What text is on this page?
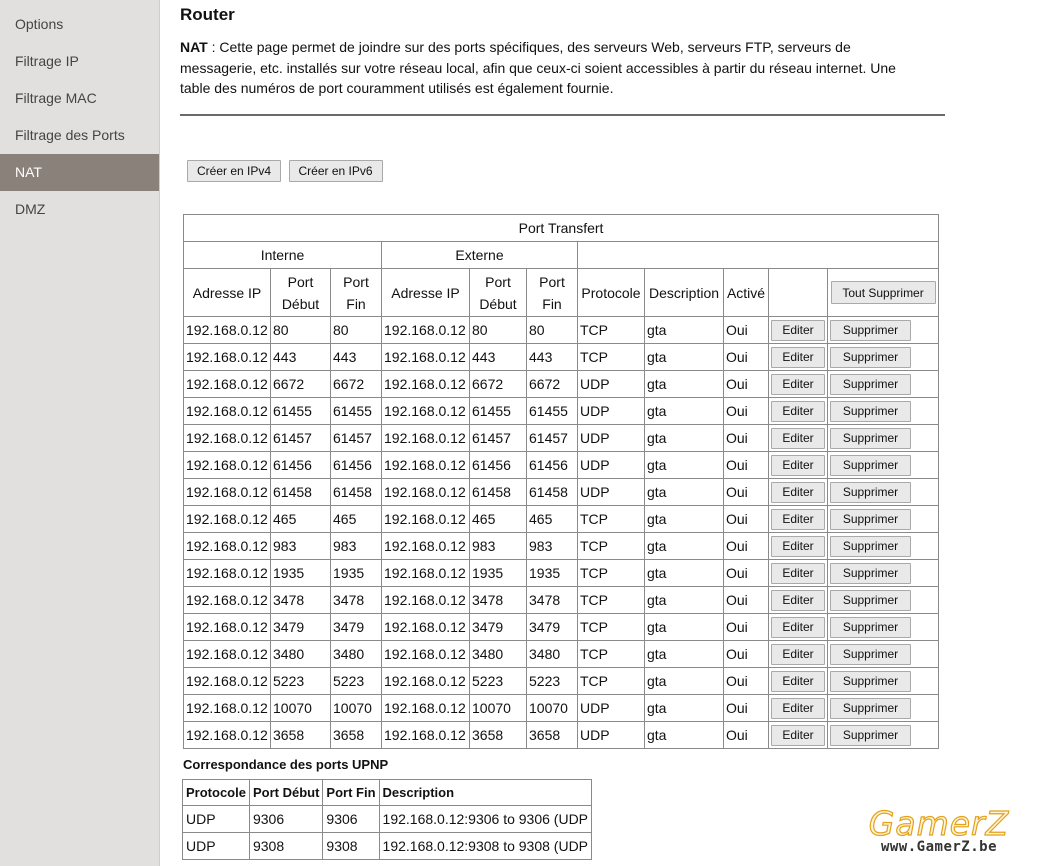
Options
Filtrage IP
Filtrage MAC
Filtrage des Ports
NAT
DMZ
Router
NAT : Cette page permet de joindre sur des ports spécifiques, des serveurs Web, serveurs FTP, serveurs de messagerie, etc. installés sur votre réseau local, afin que ceux-ci soient accessibles à partir du réseau internet. Une table des numéros de port couramment utilisés est également fournie.
Créer en IPv4 Créer en IPv6
Port Transfert										
Interne			Externe							
Adresse IP	Port Début	Port Fin	Adresse IP	Port Début	Port Fin	Protocole	Description	Activé		Tout Supprimer
192.168.0.12	80	80	192.168.0.12	80	80	TCP	gta	Oui	Editer	Supprimer
192.168.0.12	443	443	192.168.0.12	443	443	TCP	gta	Oui	Editer	Supprimer
192.168.0.12	6672	6672	192.168.0.12	6672	6672	UDP	gta	Oui	Editer	Supprimer
192.168.0.12	61455	61455	192.168.0.12	61455	61455	UDP	gta	Oui	Editer	Supprimer
192.168.0.12	61457	61457	192.168.0.12	61457	61457	UDP	gta	Oui	Editer	Supprimer
192.168.0.12	61456	61456	192.168.0.12	61456	61456	UDP	gta	Oui	Editer	Supprimer
192.168.0.12	61458	61458	192.168.0.12	61458	61458	UDP	gta	Oui	Editer	Supprimer
192.168.0.12	465	465	192.168.0.12	465	465	TCP	gta	Oui	Editer	Supprimer
192.168.0.12	983	983	192.168.0.12	983	983	TCP	gta	Oui	Editer	Supprimer
192.168.0.12	1935	1935	192.168.0.12	1935	1935	TCP	gta	Oui	Editer	Supprimer
192.168.0.12	3478	3478	192.168.0.12	3478	3478	TCP	gta	Oui	Editer	Supprimer
192.168.0.12	3479	3479	192.168.0.12	3479	3479	TCP	gta	Oui	Editer	Supprimer
192.168.0.12	3480	3480	192.168.0.12	3480	3480	TCP	gta	Oui	Editer	Supprimer
192.168.0.12	5223	5223	192.168.0.12	5223	5223	TCP	gta	Oui	Editer	Supprimer
192.168.0.12	10070	10070	192.168.0.12	10070	10070	UDP	gta	Oui	Editer	Supprimer
192.168.0.12	3658	3658	192.168.0.12	3658	3658	UDP	gta	Oui	Editer	Supprimer
Correspondance des ports UPNP
Protocole	Port Début	Port Fin	Description
UDP	9306	9306	192.168.0.12:9306 to 9306 (UDP
UDP	9308	9308	192.168.0.12:9308 to 9308 (UDP
GamerZ
www.GamerZ.be
